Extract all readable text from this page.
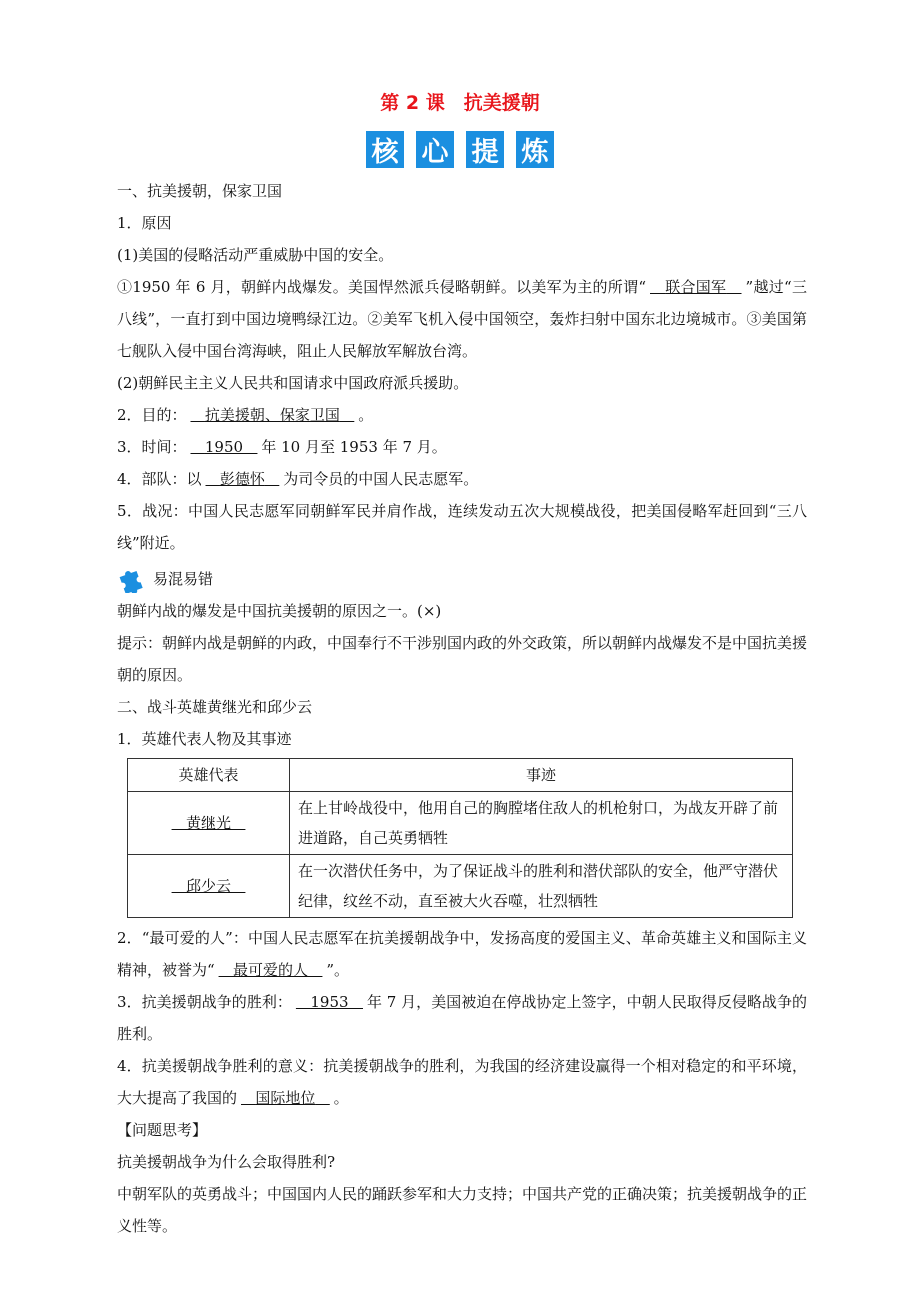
第 2 课　抗美援朝
核 心 提 炼

一、抗美援朝，保家卫国

1．原因

(1)美国的侵略活动严重威胁中国的安全。

①1950 年 6 月，朝鲜内战爆发。美国悍然派兵侵略朝鲜。以美军为主的所谓“ 联合国军 ”越过“三八线”，一直打到中国边境鸭绿江边。②美军飞机入侵中国领空，轰炸扫射中国东北边境城市。③美国第七舰队入侵中国台湾海峡，阻止人民解放军解放台湾。

(2)朝鲜民主主义人民共和国请求中国政府派兵援助。

2．目的： 抗美援朝、保家卫国 。

3．时间： 1950 年 10 月至 1953 年 7 月。

4．部队：以 彭德怀 为司令员的中国人民志愿军。

5．战况：中国人民志愿军同朝鲜军民并肩作战，连续发动五次大规模战役，把美国侵略军赶回到“三八线”附近。

易混易错

朝鲜内战的爆发是中国抗美援朝的原因之一。(×)

提示：朝鲜内战是朝鲜的内政，中国奉行不干涉别国内政的外交政策，所以朝鲜内战爆发不是中国抗美援朝的原因。

二、战斗英雄黄继光和邱少云

1．英雄代表人物及其事迹

英雄代表	事迹
黄继光	在上甘岭战役中，他用自己的胸膛堵住敌人的机枪射口，为战友开辟了前进道路，自己英勇牺牲
邱少云	在一次潜伏任务中，为了保证战斗的胜利和潜伏部队的安全，他严守潜伏纪律，纹丝不动，直至被大火吞噬，壮烈牺牲

2．“最可爱的人”：中国人民志愿军在抗美援朝战争中，发扬高度的爱国主义、革命英雄主义和国际主义精神，被誉为“ 最可爱的人 ”。

3．抗美援朝战争的胜利： 1953 年 7 月，美国被迫在停战协定上签字，中朝人民取得反侵略战争的胜利。

4．抗美援朝战争胜利的意义：抗美援朝战争的胜利，为我国的经济建设赢得一个相对稳定的和平环境，大大提高了我国的 国际地位 。

【问题思考】

抗美援朝战争为什么会取得胜利?

中朝军队的英勇战斗；中国国内人民的踊跃参军和大力支持；中国共产党的正确决策；抗美援朝战争的正义性等。
